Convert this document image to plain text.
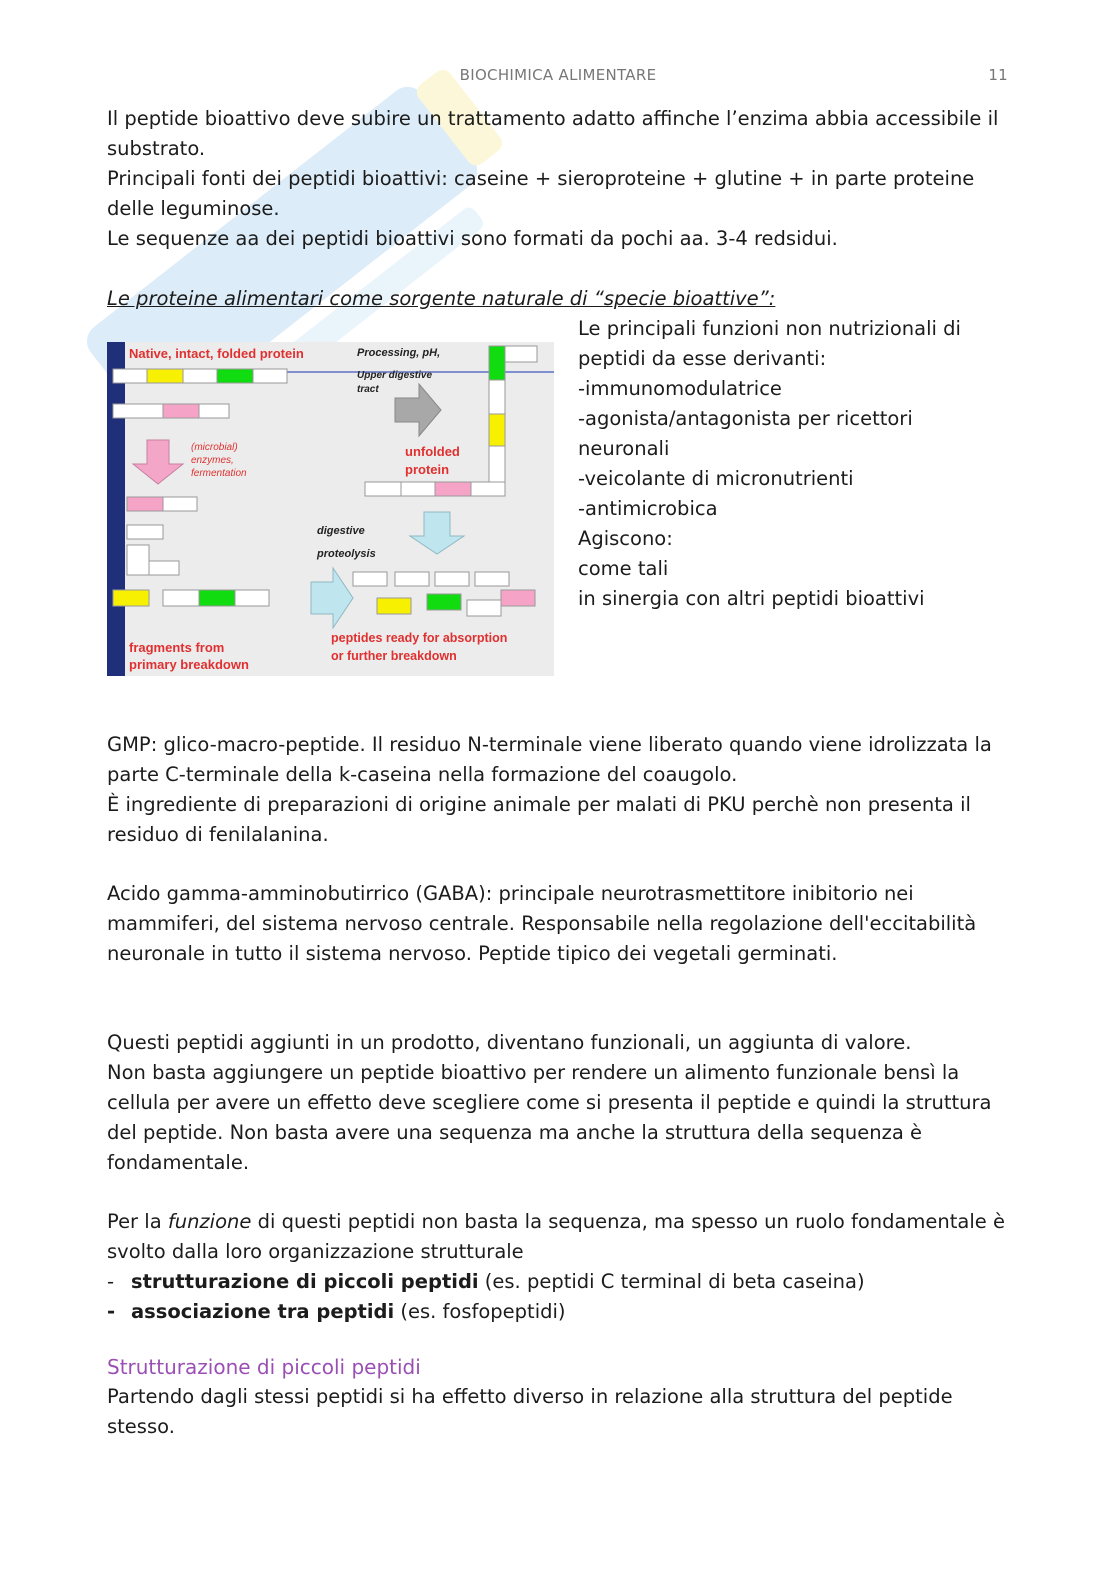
BIOCHIMICA ALIMENTARE	11

Il peptide bioattivo deve subire un trattamento adatto affinche l’enzima abbia accessibile il substrato.

Principali fonti dei peptidi bioattivi: caseine + sieroproteine + glutine + in parte proteine delle leguminose.

Le sequenze aa dei peptidi bioattivi sono formati da pochi aa. 3-4 redsidui.

Le proteine alimentari come sorgente naturale di “specie bioattive”:

Native, intact, folded protein	Processing, pH,
Upper digestive
tract
(microbial)
enzymes,
fermentation
fragments from
primary breakdown
unfolded
protein
digestive
proteolysis
peptides ready for absorption
or further breakdown
Le principali funzioni non nutrizionali di
peptidi da esse derivanti:
-immunomodulatrice
-agonista/antagonista per ricettori
neuronali
-veicolante di micronutrienti
-antimicrobica
Agiscono:
come tali
in sinergia con altri peptidi bioattivi

GMP: glico-macro-peptide. Il residuo N-terminale viene liberato quando viene idrolizzata la parte C-terminale della k-caseina nella formazione del coaugolo.

È ingrediente di preparazioni di origine animale per malati di PKU perchè non presenta il residuo di fenilalanina.

Acido gamma-amminobutirrico (GABA): principale neurotrasmettitore inibitorio nei mammiferi, del sistema nervoso centrale. Responsabile nella regolazione dell'eccitabilità neuronale in tutto il sistema nervoso. Peptide tipico dei vegetali germinati.

Questi peptidi aggiunti in un prodotto, diventano funzionali, un aggiunta di valore.

Non basta aggiungere un peptide bioattivo per rendere un alimento funzionale bensì la cellula per avere un effetto deve scegliere come si presenta il peptide e quindi la struttura del peptide. Non basta avere una sequenza ma anche la struttura della sequenza è fondamentale.

Per la funzione di questi peptidi non basta la sequenza, ma spesso un ruolo fondamentale è svolto dalla loro organizzazione strutturale

- strutturazione di piccoli peptidi (es. peptidi C terminal di beta caseina)
- associazione tra peptidi (es. fosfopeptidi)
Strutturazione di piccoli peptidi

Partendo dagli stessi peptidi si ha effetto diverso in relazione alla struttura del peptide stesso.
